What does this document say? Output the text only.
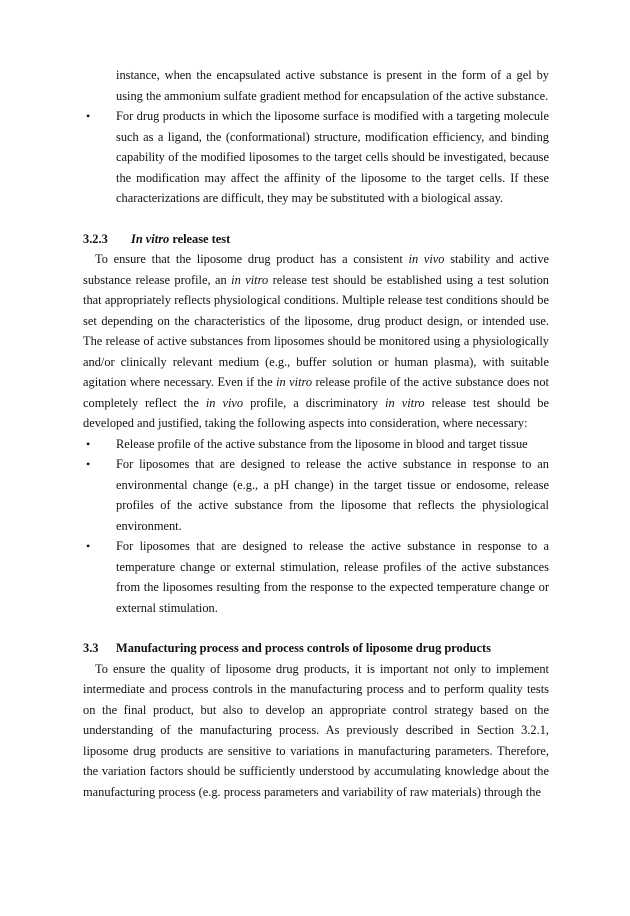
instance, when the encapsulated active substance is present in the form of a gel by using the ammonium sulfate gradient method for encapsulation of the active substance.

• For drug products in which the liposome surface is modified with a targeting molecule such as a ligand, the (conformational) structure, modification efficiency, and binding capability of the modified liposomes to the target cells should be investigated, because the modification may affect the affinity of the liposome to the target cells. If these characterizations are difficult, they may be substituted with a biological assay.

3.2.3	In vitro release test

To ensure that the liposome drug product has a consistent in vivo stability and active substance release profile, an in vitro release test should be established using a test solution that appropriately reflects physiological conditions. Multiple release test conditions should be set depending on the characteristics of the liposome, drug product design, or intended use. The release of active substances from liposomes should be monitored using a physiologically and/or clinically relevant medium (e.g., buffer solution or human plasma), with suitable agitation where necessary. Even if the in vitro release profile of the active substance does not completely reflect the in vivo profile, a discriminatory in vitro release test should be developed and justified, taking the following aspects into consideration, where necessary:

• Release profile of the active substance from the liposome in blood and target tissue

• For liposomes that are designed to release the active substance in response to an environmental change (e.g., a pH change) in the target tissue or endosome, release profiles of the active substance from the liposome that reflects the physiological environment.

• For liposomes that are designed to release the active substance in response to a temperature change or external stimulation, release profiles of the active substances from the liposomes resulting from the response to the expected temperature change or external stimulation.

3.3	Manufacturing process and process controls of liposome drug products

To ensure the quality of liposome drug products, it is important not only to implement intermediate and process controls in the manufacturing process and to perform quality tests on the final product, but also to develop an appropriate control strategy based on the understanding of the manufacturing process. As previously described in Section 3.2.1, liposome drug products are sensitive to variations in manufacturing parameters. Therefore, the variation factors should be sufficiently understood by accumulating knowledge about the manufacturing process (e.g. process parameters and variability of raw materials) through the
